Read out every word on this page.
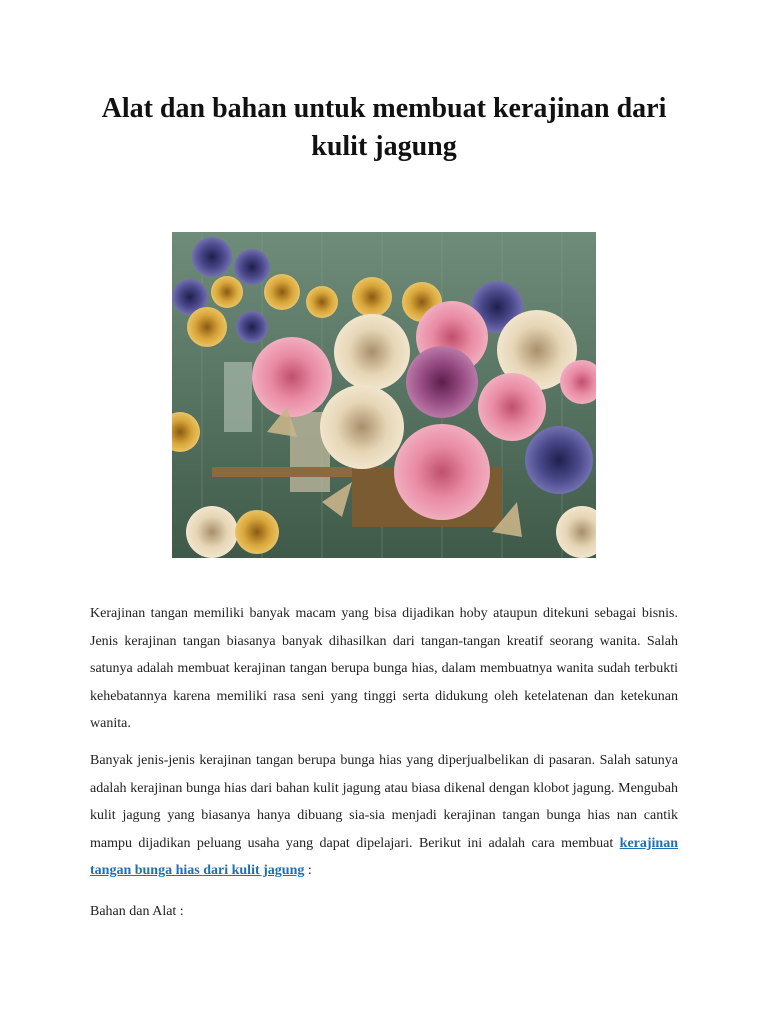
Alat dan bahan untuk membuat kerajinan dari kulit jagung

Kerajinan tangan memiliki banyak macam yang bisa dijadikan hoby ataupun ditekuni sebagai bisnis. Jenis kerajinan tangan biasanya banyak dihasilkan dari tangan-tangan kreatif seorang wanita. Salah satunya adalah membuat kerajinan tangan berupa bunga hias, dalam membuatnya wanita sudah terbukti kehebatannya karena memiliki rasa seni yang tinggi serta didukung oleh ketelatenan dan ketekunan wanita.

Banyak jenis-jenis kerajinan tangan berupa bunga hias yang diperjualbelikan di pasaran. Salah satunya adalah kerajinan bunga hias dari bahan kulit jagung atau biasa dikenal dengan klobot jagung. Mengubah kulit jagung yang biasanya hanya dibuang sia-sia menjadi kerajinan tangan bunga hias nan cantik mampu dijadikan peluang usaha yang dapat dipelajari. Berikut ini adalah cara membuat kerajinan tangan bunga hias dari kulit jagung :

Bahan dan Alat :
